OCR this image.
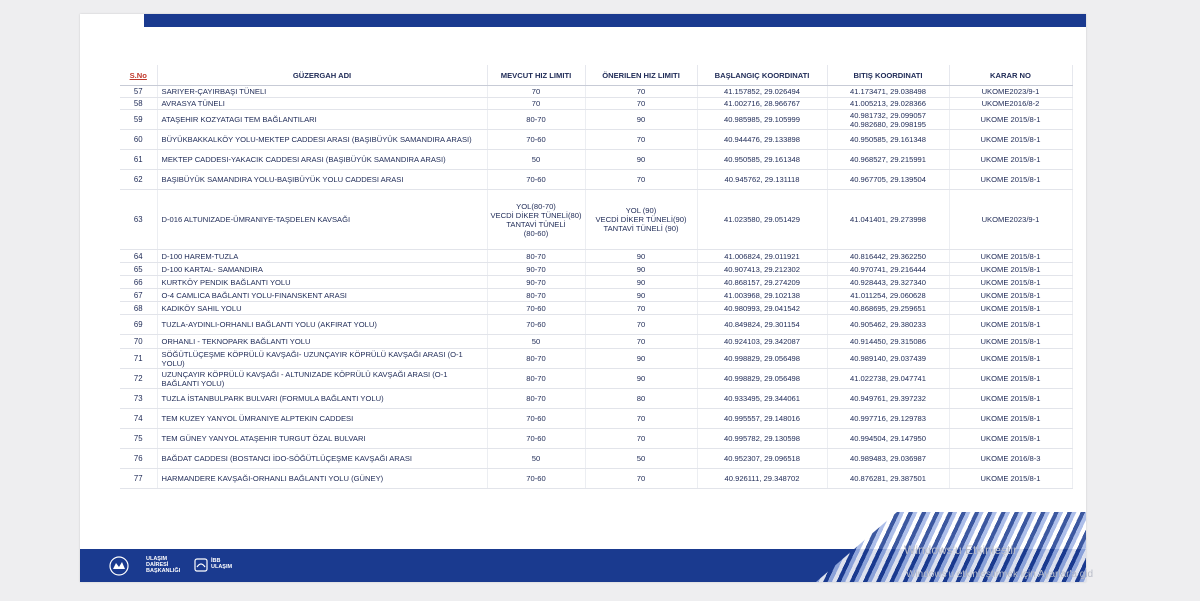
S.No	GÜZERGAH ADI	MEVCUT HIZ LIMITI	ÖNERILEN HIZ LIMITI	BAŞLANGIÇ KOORDINATI	BITIŞ KOORDINATI	KARAR NO
57	SARIYER-ÇAYIRBAŞI TÜNELI	70	70	41.157852, 29.026494	41.173471, 29.038498	UKOME2023/9-1
58	AVRASYA TÜNELI	70	70	41.002716, 28.966767	41.005213, 29.028366	UKOME2016/8-2
59	ATAŞEHIR KOZYATAGI TEM BAĞLANTILARI	80-70	90	40.985985, 29.105999	40.981732, 29.099057
40.982680, 29.098195	UKOME 2015/8-1
60	BÜYÜKBAKKALKÖY YOLU-MEKTEP CADDESI ARASI (BAŞIBÜYÜK SAMANDIRA ARASI)	70-60	70	40.944476, 29.133898	40.950585, 29.161348	UKOME 2015/8-1
61	MEKTEP CADDESI-YAKACIK CADDESI ARASI (BAŞIBÜYÜK SAMANDIRA ARASI)	50	90	40.950585, 29.161348	40.968527, 29.215991	UKOME 2015/8-1
62	BAŞIBÜYÜK SAMANDIRA YOLU-BAŞIBÜYÜK YOLU CADDESI ARASI	70-60	70	40.945762, 29.131118	40.967705, 29.139504	UKOME 2015/8-1
63	D-016 ALTUNIZADE-ÜMRANIYE-TAŞDELEN KAVSAĞI	YOL(80-70)
VECDİ DİKER TÜNELİ(80)
TANTAVİ TÜNELİ
(80-60)	YOL (90)
VECDİ DİKER TÜNELİ(90)
TANTAVİ TÜNELİ (90)	41.023580, 29.051429	41.041401, 29.273998	UKOME2023/9-1
64	D-100 HAREM-TUZLA	80-70	90	41.006824, 29.011921	40.816442, 29.362250	UKOME 2015/8-1
65	D-100 KARTAL- SAMANDIRA	90-70	90	40.907413, 29.212302	40.970741, 29.216444	UKOME 2015/8-1
66	KURTKÖY PENDIK BAĞLANTI YOLU	90-70	90	40.868157, 29.274209	40.928443, 29.327340	UKOME 2015/8-1
67	O-4 CAMLICA BAĞLANTI YOLU-FINANSKENT ARASI	80-70	90	41.003968, 29.102138	41.011254, 29.060628	UKOME 2015/8-1
68	KADIKÖY SAHIL YOLU	70-60	70	40.980993, 29.041542	40.868695, 29.259651	UKOME 2015/8-1
69	TUZLA-AYDINLI-ORHANLI BAĞLANTI YOLU (AKFIRAT YOLU)	70-60	70	40.849824, 29.301154	40.905462, 29.380233	UKOME 2015/8-1
70	ORHANLI - TEKNOPARK BAĞLANTI YOLU	50	70	40.924103, 29.342087	40.914450, 29.315086	UKOME 2015/8-1
71	SÖĞÜTLÜÇEŞME KÖPRÜLÜ KAVŞAĞI- UZUNÇAYIR KÖPRÜLÜ KAVŞAĞI ARASI (O-1 YOLU)	80-70	90	40.998829, 29.056498	40.989140, 29.037439	UKOME 2015/8-1
72	UZUNÇAYIR KÖPRÜLÜ KAVŞAĞI - ALTUNIZADE KÖPRÜLÜ KAVŞAĞI ARASI (O-1 BAĞLANTI YOLU)	80-70	90	40.998829, 29.056498	41.022738, 29.047741	UKOME 2015/8-1
73	TUZLA İSTANBULPARK BULVARI (FORMULA BAĞLANTI YOLU)	80-70	80	40.933495, 29.344061	40.949761, 29.397232	UKOME 2015/8-1
74	TEM KUZEY YANYOL ÜMRANIYE ALPTEKIN CADDESI	70-60	70	40.995557, 29.148016	40.997716, 29.129783	UKOME 2015/8-1
75	TEM GÜNEY YANYOL ATAŞEHIR TURGUT ÖZAL BULVARI	70-60	70	40.995782, 29.130598	40.994504, 29.147950	UKOME 2015/8-1
76	BAĞDAT CADDESI (BOSTANCI İDO-SÖĞÜTLÜÇEŞME KAVŞAĞI ARASI	50	50	40.952307, 29.096518	40.989483, 29.036987	UKOME 2016/8-3
77	HARMANDERE KAVŞAĞI-ORHANLI BAĞLANTI YOLU (GÜNEY)	70-60	70	40.926111, 29.348702	40.876281, 29.387501	UKOME 2015/8-1
ULAŞIM
DAİRESİ
BAŞKANLIĞI
İBB
ULAŞIM
Windows'u Etkinleştir
Windows'u etkinleştirmek için Ayarlar'a gid
